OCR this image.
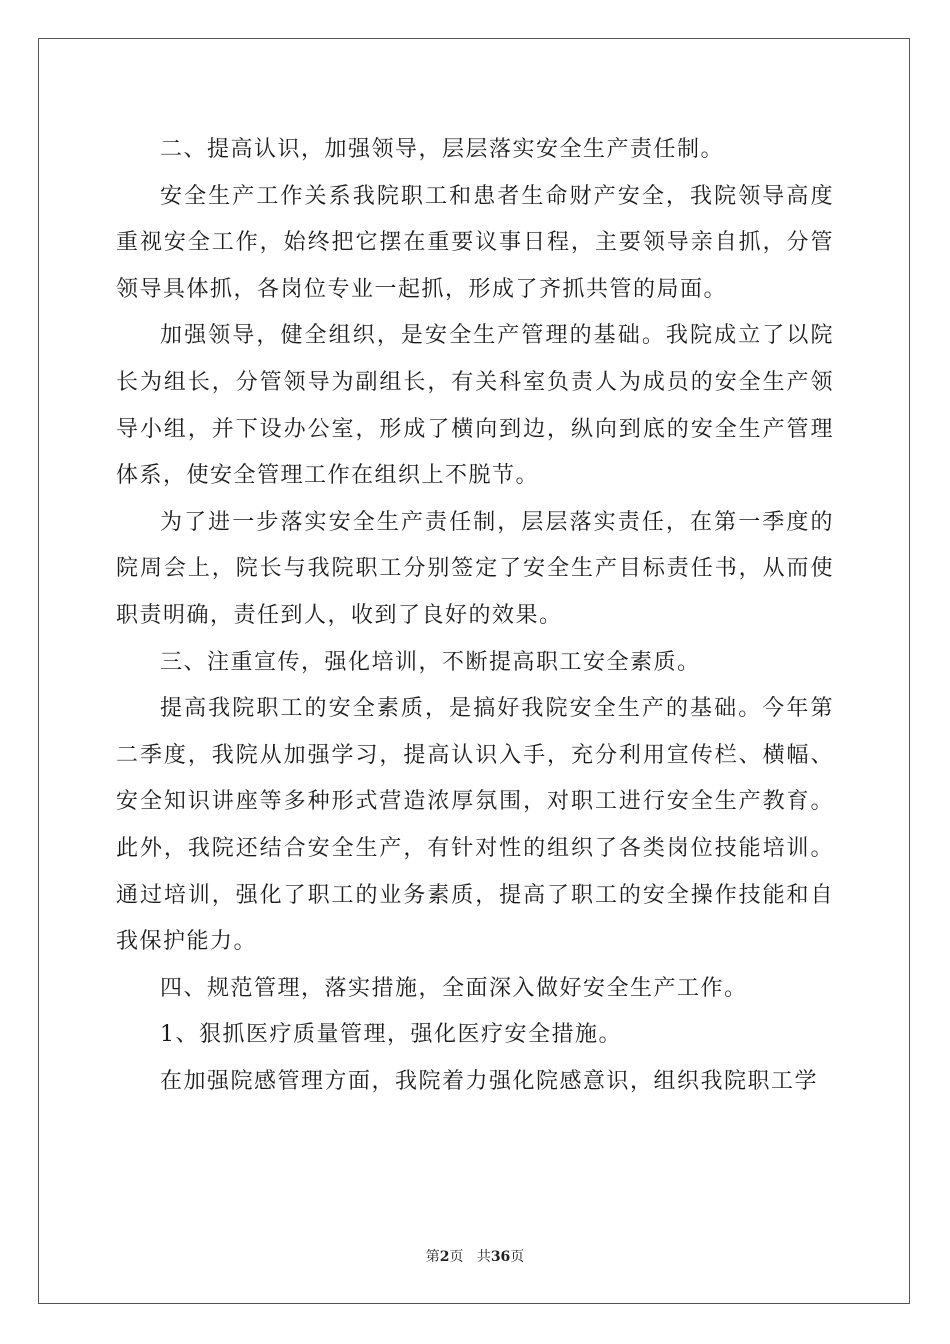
二、提高认识，加强领导，层层落实安全生产责任制。

安全生产工作关系我院职工和患者生命财产安全，我院领导高度重视安全工作，始终把它摆在重要议事日程，主要领导亲自抓，分管领导具体抓，各岗位专业一起抓，形成了齐抓共管的局面。

加强领导，健全组织，是安全生产管理的基础。我院成立了以院长为组长，分管领导为副组长，有关科室负责人为成员的安全生产领导小组，并下设办公室，形成了横向到边，纵向到底的安全生产管理体系，使安全管理工作在组织上不脱节。

为了进一步落实安全生产责任制，层层落实责任，在第一季度的院周会上，院长与我院职工分别签定了安全生产目标责任书，从而使职责明确，责任到人，收到了良好的效果。

三、注重宣传，强化培训，不断提高职工安全素质。

提高我院职工的安全素质，是搞好我院安全生产的基础。今年第二季度，我院从加强学习，提高认识入手，充分利用宣传栏、横幅、安全知识讲座等多种形式营造浓厚氛围，对职工进行安全生产教育。此外，我院还结合安全生产，有针对性的组织了各类岗位技能培训。通过培训，强化了职工的业务素质，提高了职工的安全操作技能和自我保护能力。

四、规范管理，落实措施，全面深入做好安全生产工作。

1、狠抓医疗质量管理，强化医疗安全措施。

在加强院感管理方面，我院着力强化院感意识，组织我院职工学

第2页 共36页
